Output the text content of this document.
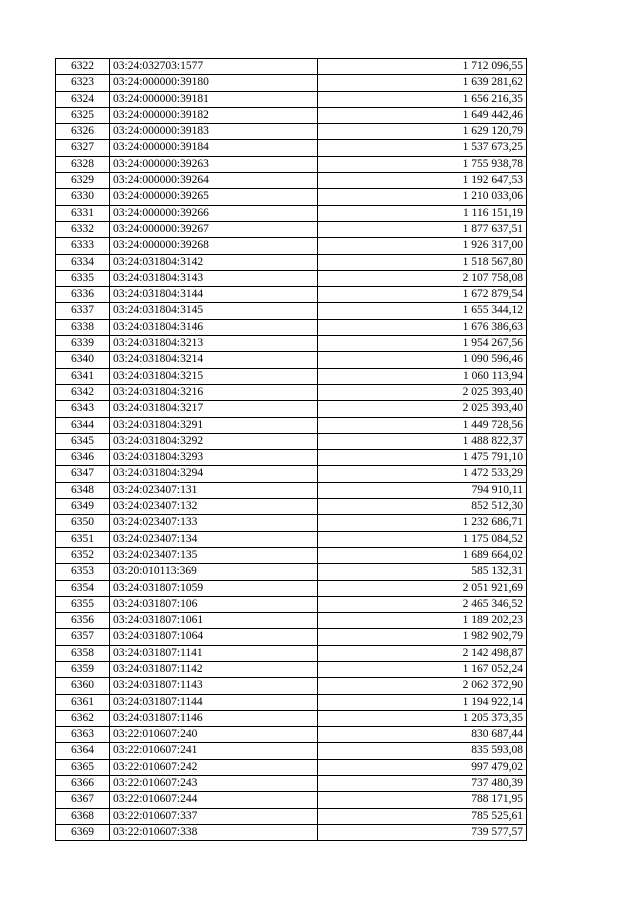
6322	03:24:032703:1577	1 712 096,55
6323	03:24:000000:39180	1 639 281,62
6324	03:24:000000:39181	1 656 216,35
6325	03:24:000000:39182	1 649 442,46
6326	03:24:000000:39183	1 629 120,79
6327	03:24:000000:39184	1 537 673,25
6328	03:24:000000:39263	1 755 938,78
6329	03:24:000000:39264	1 192 647,53
6330	03:24:000000:39265	1 210 033,06
6331	03:24:000000:39266	1 116 151,19
6332	03:24:000000:39267	1 877 637,51
6333	03:24:000000:39268	1 926 317,00
6334	03:24:031804:3142	1 518 567,80
6335	03:24:031804:3143	2 107 758,08
6336	03:24:031804:3144	1 672 879,54
6337	03:24:031804:3145	1 655 344,12
6338	03:24:031804:3146	1 676 386,63
6339	03:24:031804:3213	1 954 267,56
6340	03:24:031804:3214	1 090 596,46
6341	03:24:031804:3215	1 060 113,94
6342	03:24:031804:3216	2 025 393,40
6343	03:24:031804:3217	2 025 393,40
6344	03:24:031804:3291	1 449 728,56
6345	03:24:031804:3292	1 488 822,37
6346	03:24:031804:3293	1 475 791,10
6347	03:24:031804:3294	1 472 533,29
6348	03:24:023407:131	794 910,11
6349	03:24:023407:132	852 512,30
6350	03:24:023407:133	1 232 686,71
6351	03:24:023407:134	1 175 084,52
6352	03:24:023407:135	1 689 664,02
6353	03:20:010113:369	585 132,31
6354	03:24:031807:1059	2 051 921,69
6355	03:24:031807:106	2 465 346,52
6356	03:24:031807:1061	1 189 202,23
6357	03:24:031807:1064	1 982 902,79
6358	03:24:031807:1141	2 142 498,87
6359	03:24:031807:1142	1 167 052,24
6360	03:24:031807:1143	2 062 372,90
6361	03:24:031807:1144	1 194 922,14
6362	03:24:031807:1146	1 205 373,35
6363	03:22:010607:240	830 687,44
6364	03:22:010607:241	835 593,08
6365	03:22:010607:242	997 479,02
6366	03:22:010607:243	737 480,39
6367	03:22:010607:244	788 171,95
6368	03:22:010607:337	785 525,61
6369	03:22:010607:338	739 577,57
